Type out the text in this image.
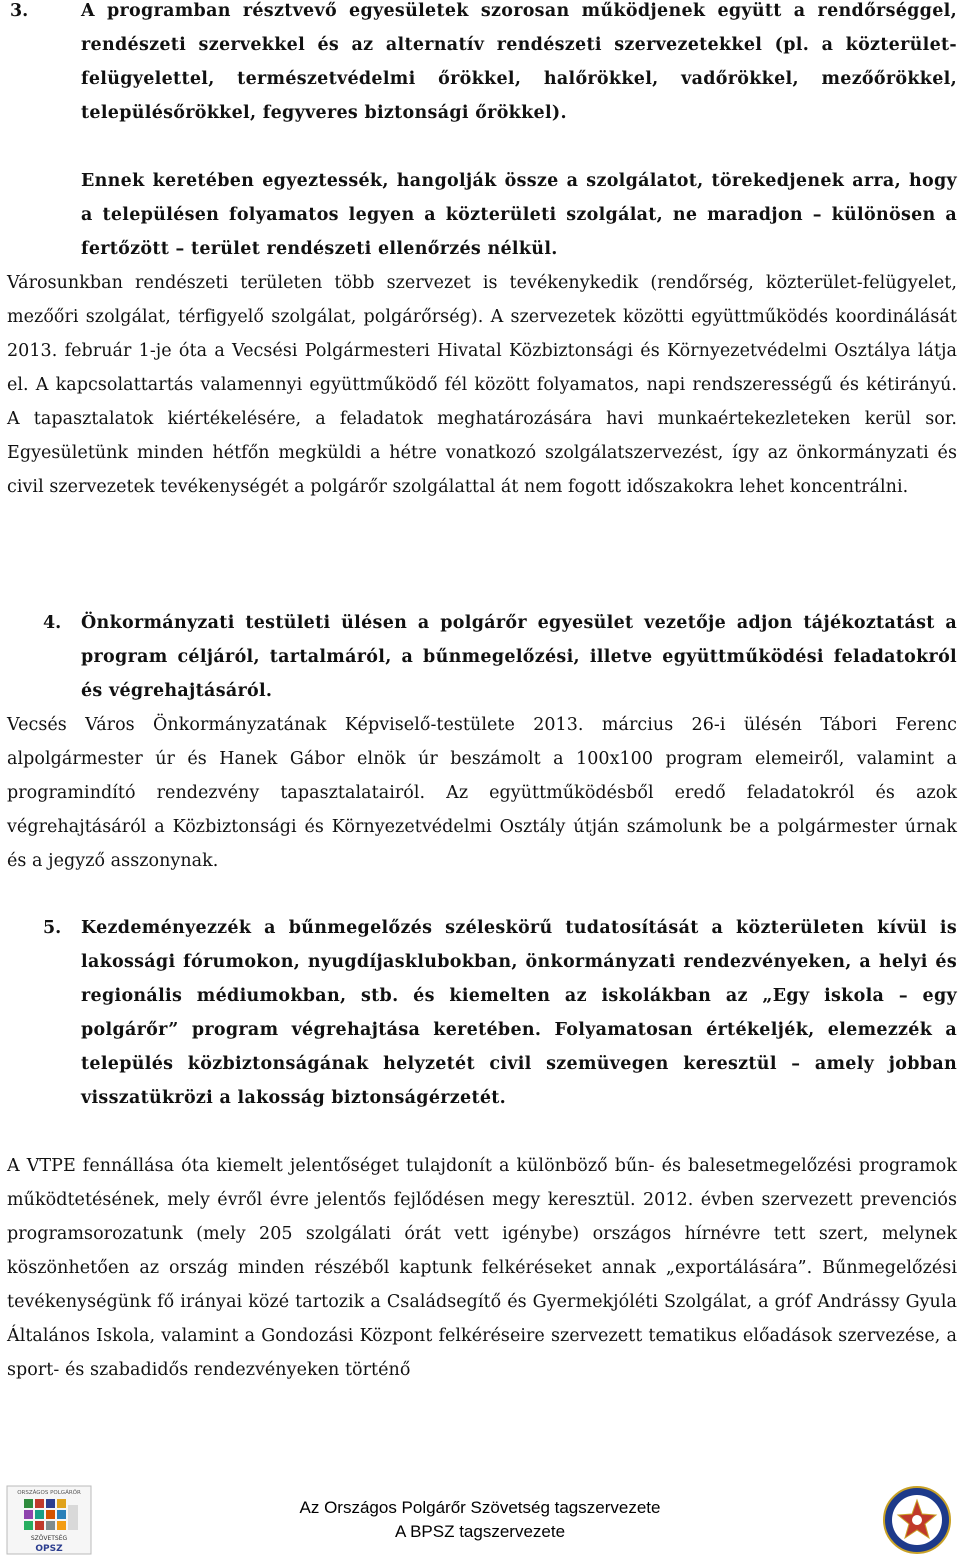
3.	A programban résztvevő egyesületek szorosan működjenek együtt a rendőrséggel, rendészeti szervekkel és az alternatív rendészeti szervezetekkel (pl. a közterület-felügyelettel, természetvédelmi őrökkel, halőrökkel, vadőrökkel, mezőőrökkel, településőrökkel, fegyveres biztonsági őrökkel).
Ennek keretében egyeztessék, hangolják össze a szolgálatot, törekedjenek arra, hogy a településen folyamatos legyen a közterületi szolgálat, ne maradjon – különösen a fertőzött – terület rendészeti ellenőrzés nélkül.
Városunkban rendészeti területen több szervezet is tevékenykedik (rendőrség, közterület-felügyelet, mezőőri szolgálat, térfigyelő szolgálat, polgárőrség). A szervezetek közötti együttműködés koordinálását 2013. február 1-je óta a Vecsési Polgármesteri Hivatal Közbiztonsági és Környezetvédelmi Osztálya látja el. A kapcsolattartás valamennyi együttműködő fél között folyamatos, napi rendszerességű és kétirányú. A tapasztalatok kiértékelésére, a feladatok meghatározására havi munkaértekezleteken kerül sor. Egyesületünk minden hétfőn megküldi a hétre vonatkozó szolgálatszervezést, így az önkormányzati és civil szervezetek tevékenységét a polgárőr szolgálattal át nem fogott időszakokra lehet koncentrálni.
4. Önkormányzati testületi ülésen a polgárőr egyesület vezetője adjon tájékoztatást a program céljáról, tartalmáról, a bűnmegelőzési, illetve együttműködési feladatokról és végrehajtásáról.
Vecsés Város Önkormányzatának Képviselő-testülete 2013. március 26-i ülésén Tábori Ferenc alpolgármester úr és Hanek Gábor elnök úr beszámolt a 100x100 program elemeiről, valamint a programindító rendezvény tapasztalatairól. Az együttműködésből eredő feladatokról és azok végrehajtásáról a Közbiztonsági és Környezetvédelmi Osztály útján számolunk be a polgármester úrnak és a jegyző asszonynak.
5. Kezdeményezzék a bűnmegelőzés széleskörű tudatosítását a közterületen kívül is lakossági fórumokon, nyugdíjasklubokban, önkormányzati rendezvényeken, a helyi és regionális médiumokban, stb. és kiemelten az iskolákban az „Egy iskola – egy polgárőr” program végrehajtása keretében. Folyamatosan értékeljék, elemezzék a település közbiztonságának helyzetét civil szemüvegen keresztül – amely jobban visszatükrözi a lakosság biztonságérzetét.
A VTPE fennállása óta kiemelt jelentőséget tulajdonít a különböző bűn- és balesetmegelőzési programok működtetésének, mely évről évre jelentős fejlődésen megy keresztül. 2012. évben szervezett prevenciós programsorozatunk (mely 205 szolgálati órát vett igénybe) országos hírnévre tett szert, melynek köszönhetően az ország minden részéből kaptunk felkéréseket annak „exportálására”. Bűnmegelőzési tevékenységünk fő irányai közé tartozik a Családsegítő és Gyermekjóléti Szolgálat, a gróf Andrássy Gyula Általános Iskola, valamint a Gondozási Központ felkéréseire szervezett tematikus előadások szervezése, a sport- és szabadidős rendezvényeken történő
ORSZÁGOS POLGÁRŐR
SZÖVETSÉG
OPSZ
Az Országos Polgárőr Szövetség tagszervezete
A BPSZ tagszervezete
